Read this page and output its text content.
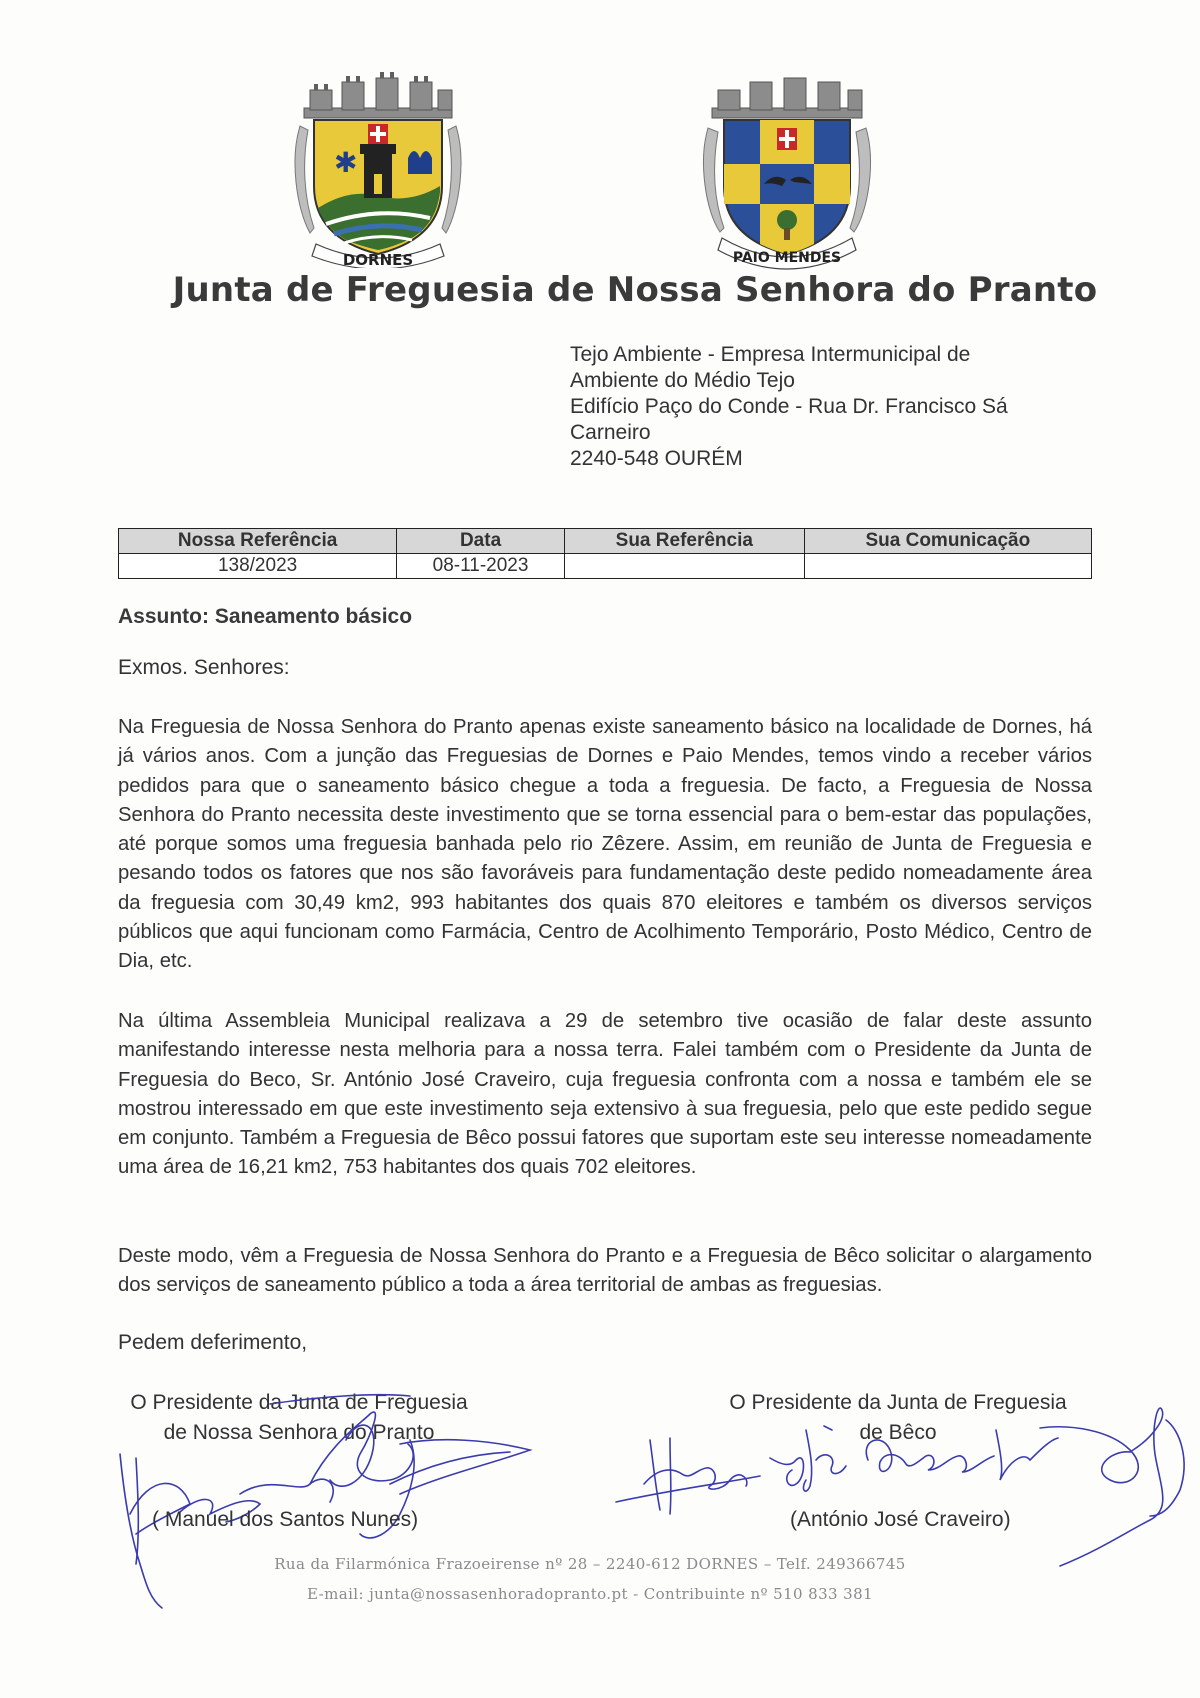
✱
DORNES	PAIO MENDES
Junta de Freguesia de Nossa Senhora do Pranto
Tejo Ambiente - Empresa Intermunicipal de
Ambiente do Médio Tejo
Edifício Paço do Conde - Rua Dr. Francisco Sá
Carneiro
2240-548 OURÉM
Nossa Referência	Data	Sua Referência	Sua Comunicação
138/2023	08-11-2023		
Assunto: Saneamento básico
Exmos. Senhores:
Na Freguesia de Nossa Senhora do Pranto apenas existe saneamento básico na localidade de Dornes, há já vários anos. Com a junção das Freguesias de Dornes e Paio Mendes, temos vindo a receber vários pedidos para que o saneamento básico chegue a toda a freguesia. De facto, a Freguesia de Nossa Senhora do Pranto necessita deste investimento que se torna essencial para o bem-estar das populações, até porque somos uma freguesia banhada pelo rio Zêzere. Assim, em reunião de Junta de Freguesia e pesando todos os fatores que nos são favoráveis para fundamentação deste pedido nomeadamente área da freguesia com 30,49 km2, 993 habitantes dos quais 870 eleitores e também os diversos serviços públicos que aqui funcionam como Farmácia, Centro de Acolhimento Temporário, Posto Médico, Centro de Dia, etc.
Na última Assembleia Municipal realizava a 29 de setembro tive ocasião de falar deste assunto manifestando interesse nesta melhoria para a nossa terra. Falei também com o Presidente da Junta de Freguesia do Beco, Sr. António José Craveiro, cuja freguesia confronta com a nossa e também ele se mostrou interessado em que este investimento seja extensivo à sua freguesia, pelo que este pedido segue em conjunto. Também a Freguesia de Bêco possui fatores que suportam este seu interesse nomeadamente uma área de 16,21 km2, 753 habitantes dos quais 702 eleitores.
Deste modo, vêm a Freguesia de Nossa Senhora do Pranto e a Freguesia de Bêco solicitar o alargamento dos serviços de saneamento público a toda a área territorial de ambas as freguesias.
Pedem deferimento,
O Presidente da Junta de Freguesia
de Nossa Senhora do Pranto
O Presidente da Junta de Freguesia
de Bêco
( Manuel dos Santos Nunes)	(António José Craveiro)
Rua da Filarmónica Frazoeirense nº 28 – 2240-612 DORNES – Telf. 249366745
E-mail: junta@nossasenhoradopranto.pt - Contribuinte nº 510 833 381
